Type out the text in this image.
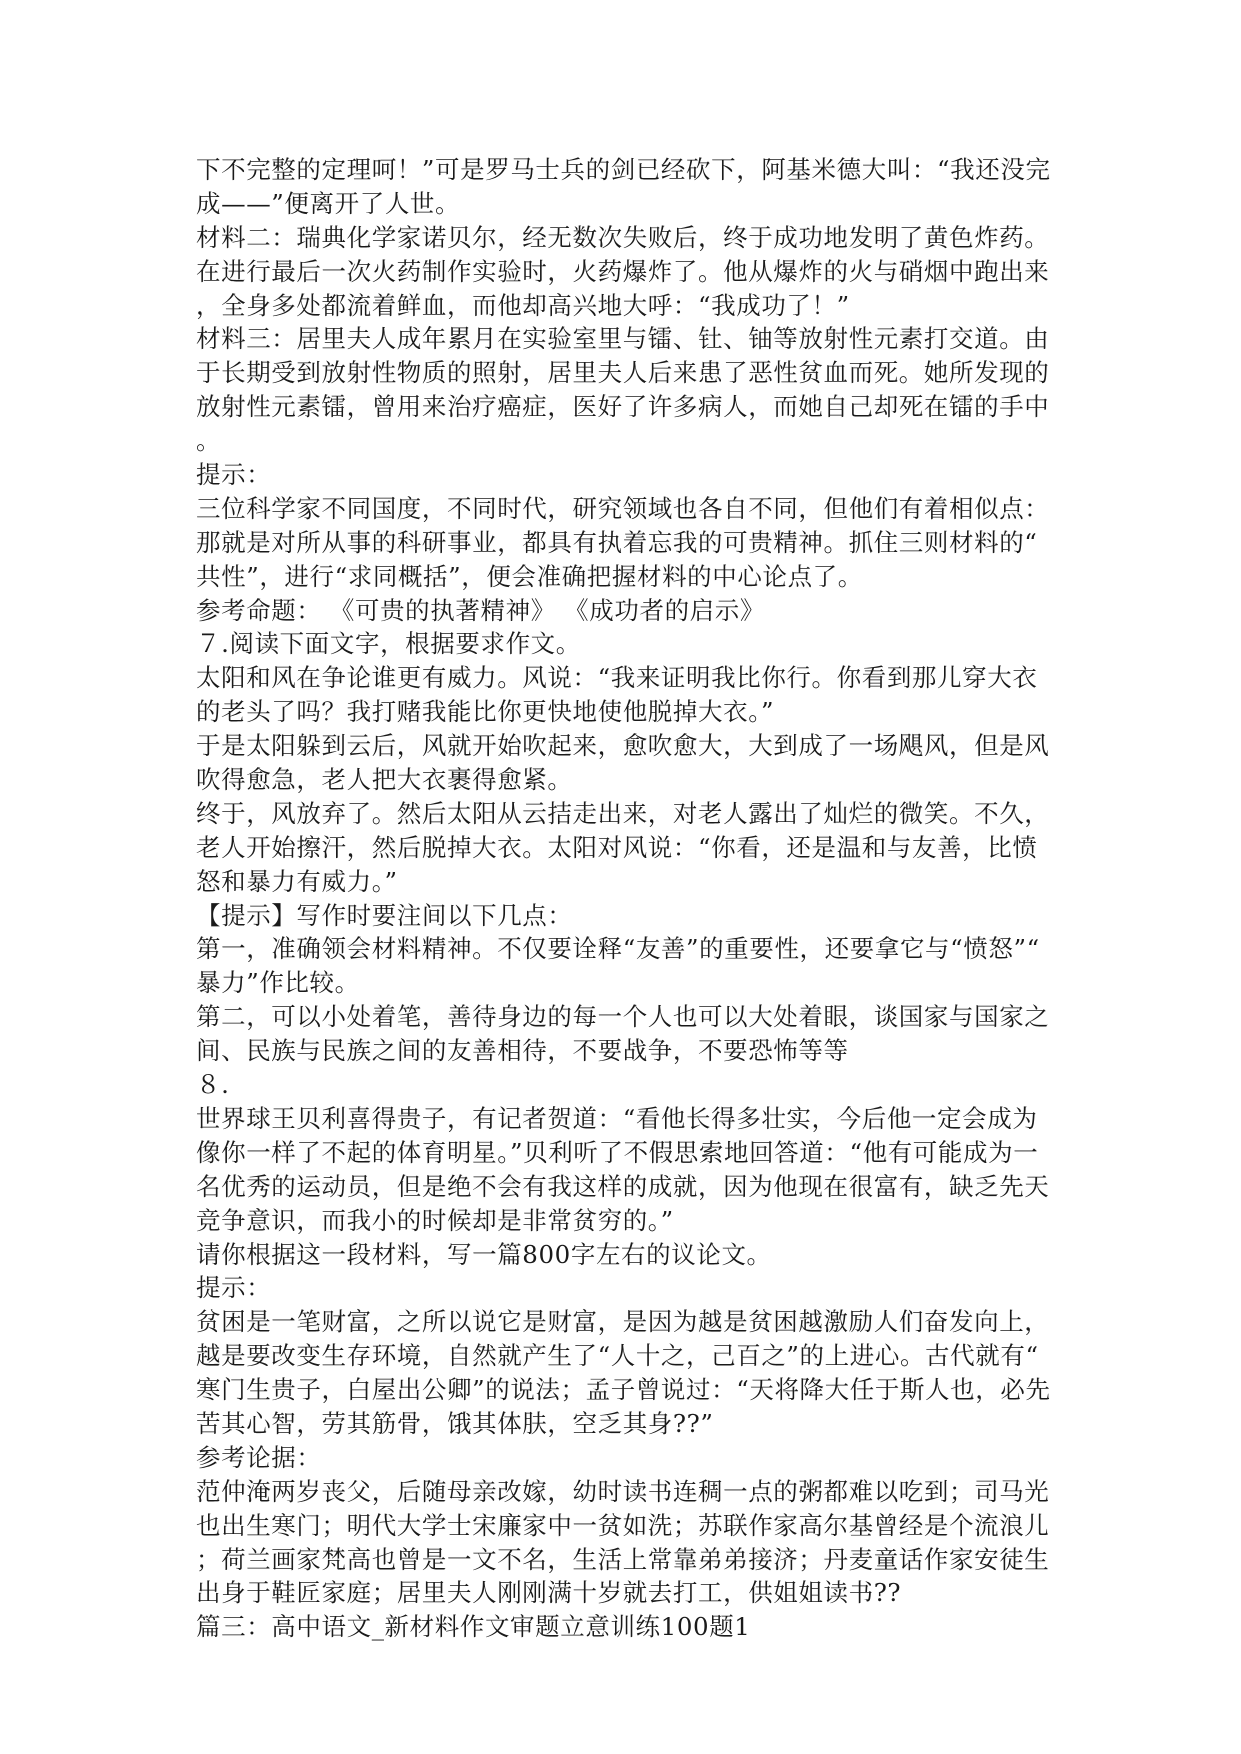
下不完整的定理呵！”可是罗马士兵的剑已经砍下，阿基米德大叫：“我还没完
成——”便离开了人世。
材料二：瑞典化学家诺贝尔，经无数次失败后，终于成功地发明了黄色炸药。
在进行最后一次火药制作实验时，火药爆炸了。他从爆炸的火与硝烟中跑出来
，全身多处都流着鲜血，而他却高兴地大呼：“我成功了！”
材料三：居里夫人成年累月在实验室里与镭、钍、铀等放射性元素打交道。由
于长期受到放射性物质的照射，居里夫人后来患了恶性贫血而死。她所发现的
放射性元素镭，曾用来治疗癌症，医好了许多病人，而她自己却死在镭的手中
。
提示：
三位科学家不同国度，不同时代，研究领域也各自不同，但他们有着相似点：
那就是对所从事的科研事业，都具有执着忘我的可贵精神。抓住三则材料的“
共性”，进行“求同概括”，便会准确把握材料的中心论点了。
参考命题： 《可贵的执著精神》 《成功者的启示》
７.阅读下面文字，根据要求作文。
太阳和风在争论谁更有威力。风说：“我来证明我比你行。你看到那儿穿大衣
的老头了吗？我打赌我能比你更快地使他脱掉大衣。”
于是太阳躲到云后，风就开始吹起来，愈吹愈大，大到成了一场飓风，但是风
吹得愈急，老人把大衣裹得愈紧。
终于，风放弃了。然后太阳从云拮走出来，对老人露出了灿烂的微笑。不久，
老人开始擦汗，然后脱掉大衣。太阳对风说：“你看，还是温和与友善，比愤
怒和暴力有威力。”
【提示】写作时要注间以下几点：
第一，准确领会材料精神。不仅要诠释“友善”的重要性，还要拿它与“愤怒”“
暴力”作比较。
第二，可以小处着笔，善待身边的每一个人也可以大处着眼，谈国家与国家之
间、民族与民族之间的友善相待，不要战争，不要恐怖等等
８.
世界球王贝利喜得贵子，有记者贺道：“看他长得多壮实，今后他一定会成为
像你一样了不起的体育明星。”贝利听了不假思索地回答道：“他有可能成为一
名优秀的运动员，但是绝不会有我这样的成就，因为他现在很富有，缺乏先天
竞争意识，而我小的时候却是非常贫穷的。”
请你根据这一段材料，写一篇800字左右的议论文。
提示：
贫困是一笔财富，之所以说它是财富，是因为越是贫困越激励人们奋发向上，
越是要改变生存环境，自然就产生了“人十之，己百之”的上进心。古代就有“
寒门生贵子，白屋出公卿”的说法；孟子曾说过：“天将降大任于斯人也，必先
苦其心智，劳其筋骨，饿其体肤，空乏其身??”
参考论据：
范仲淹两岁丧父，后随母亲改嫁，幼时读书连稠一点的粥都难以吃到；司马光
也出生寒门；明代大学士宋廉家中一贫如洗；苏联作家高尔基曾经是个流浪儿
；荷兰画家梵高也曾是一文不名，生活上常靠弟弟接济；丹麦童话作家安徒生
出身于鞋匠家庭；居里夫人刚刚满十岁就去打工，供姐姐读书??
篇三：高中语文_新材料作文审题立意训练100题1
